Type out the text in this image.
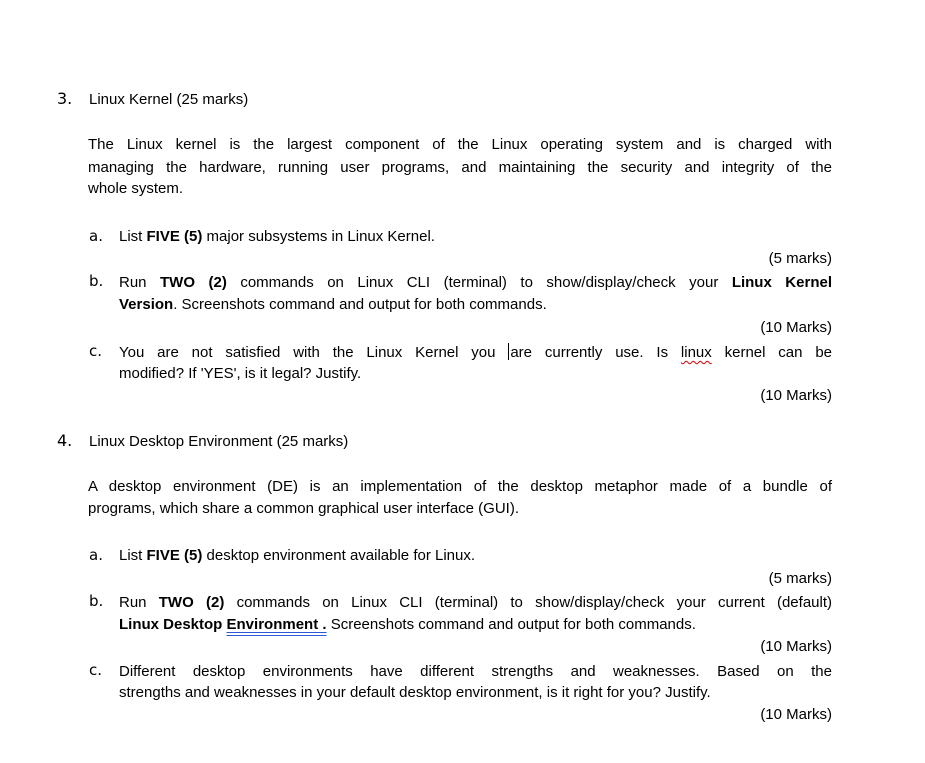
3. Linux Kernel (25 marks)
The Linux kernel is the largest component of the Linux operating system and is charged with
managing the hardware, running user programs, and maintaining the security and integrity of the
whole system.
a. List FIVE (5) major subsystems in Linux Kernel.
(5 marks)
b. Run TWO (2) commands on Linux CLI (terminal) to show/display/check your Linux Kernel
Version. Screenshots command and output for both commands.
(10 Marks)
c. You are not satisfied with the Linux Kernel you are currently use. Is linux kernel can be
modified? If 'YES', is it legal? Justify.
(10 Marks)
4. Linux Desktop Environment (25 marks)
A desktop environment (DE) is an implementation of the desktop metaphor made of a bundle of
programs, which share a common graphical user interface (GUI).
a. List FIVE (5) desktop environment available for Linux.
(5 marks)
b. Run TWO (2) commands on Linux CLI (terminal) to show/display/check your current (default)
Linux Desktop Environment . Screenshots command and output for both commands.
(10 Marks)
c. Different desktop environments have different strengths and weaknesses. Based on the
strengths and weaknesses in your default desktop environment, is it right for you? Justify.
(10 Marks)
